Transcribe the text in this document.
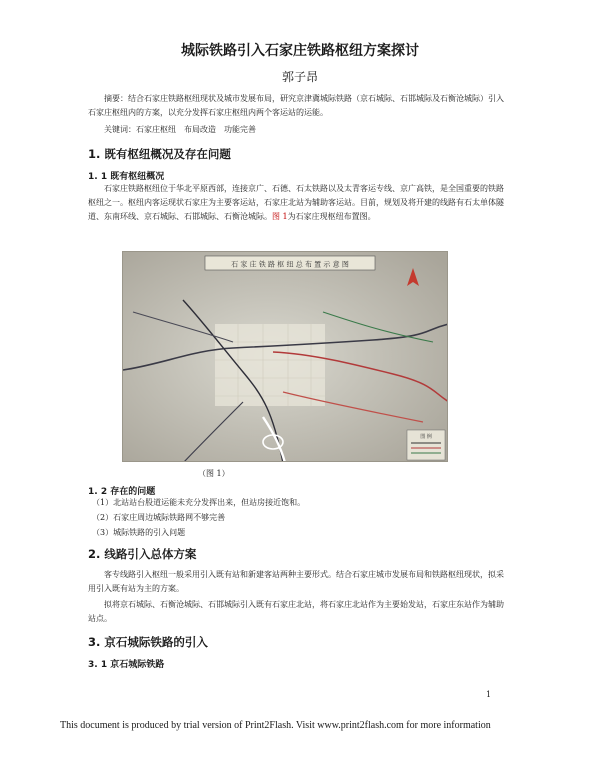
城际铁路引入石家庄铁路枢纽方案探讨
郭子昂

摘要：结合石家庄铁路枢纽现状及城市发展布局，研究京津冀城际铁路（京石城际、石邯城际及石衡沧城际）引入石家庄枢纽内的方案，以充分发挥石家庄枢纽内两个客运站的运能。

关键词：石家庄枢纽　布局改造　功能完善

1. 既有枢纽概况及存在问题
1. 1 既有枢纽概况

石家庄铁路枢纽位于华北平原西部，连接京广、石德、石太铁路以及太青客运专线、京广高铁，是全国重要的铁路枢纽之一。枢纽内客运现状石家庄为主要客运站，石家庄北站为辅助客运站。目前，规划及将开建的线路有石太单体隧道、东南环线、京石城际、石邯城际、石衡沧城际。图 1为石家庄现枢纽布置图。

石 家 庄 铁 路 枢 纽 总 布 置 示 意 图
图 例
（图 1）
1. 2 存在的问题

（1）北站站台股道运能未充分发挥出来，但站房接近饱和。

（2）石家庄周边城际铁路网不够完善

（3）城际铁路的引入问题

2. 线路引入总体方案

客专线路引入枢纽一般采用引入既有站和新建客站两种主要形式。结合石家庄城市发展布局和铁路枢纽现状，拟采用引入既有站为主的方案。

拟将京石城际、石衡沧城际、石邯城际引入既有石家庄北站，将石家庄北站作为主要始发站，石家庄东站作为辅助站点。

3. 京石城际铁路的引入
3. 1 京石城际铁路
1
This document is produced by trial version of Print2Flash. Visit www.print2flash.com for more information
